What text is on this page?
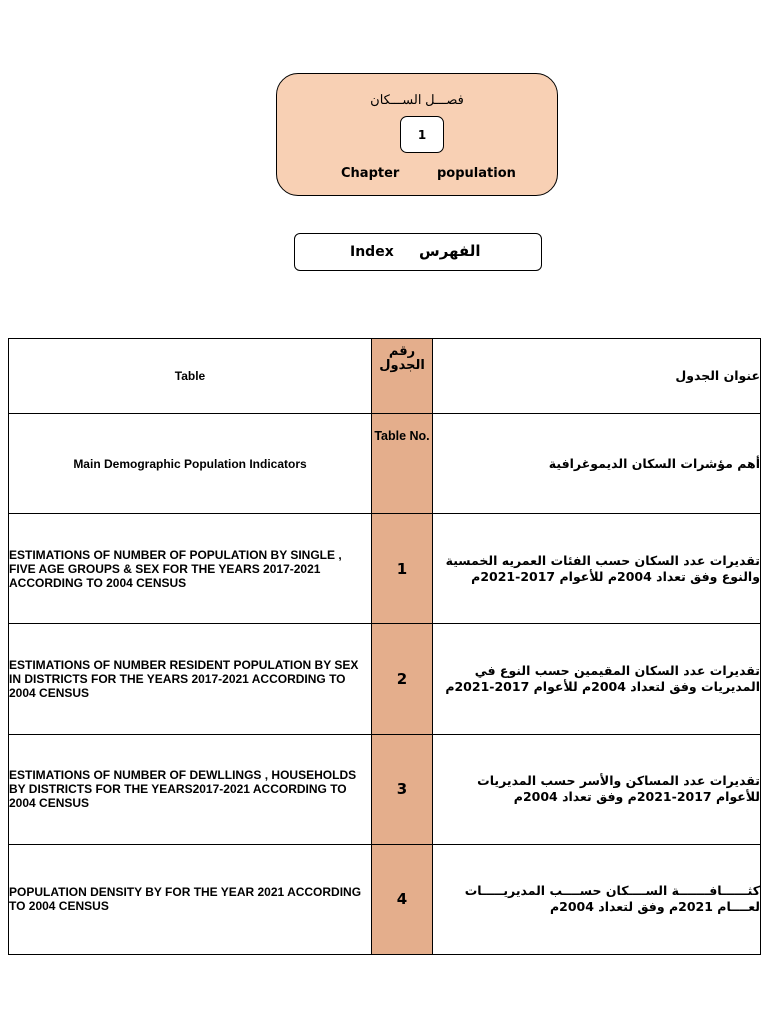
فصـــل الســـكان
1
Chapter	population
Index الفهرس
Table	رقم الجدول	عنوان الجدول
Main Demographic Population Indicators	Table No.	أهم مؤشرات السكان الديموغرافية
ESTIMATIONS OF NUMBER OF POPULATION BY SINGLE , FIVE AGE GROUPS & SEX FOR THE YEARS 2017-2021 ACCORDING TO 2004 CENSUS	1	تقديرات عدد السكان حسب الفئات العمريه الخمسية والنوع وفق تعداد 2004م للأعوام 2017-2021م
ESTIMATIONS OF NUMBER RESIDENT POPULATION BY SEX IN DISTRICTS FOR THE YEARS 2017-2021 ACCORDING TO 2004 CENSUS	2	تقديرات عدد السكان المقيمين حسب النوع في المديريات وفق لتعداد 2004م للأعوام 2017-2021م
ESTIMATIONS OF NUMBER OF DEWLLINGS , HOUSEHOLDS BY DISTRICTS FOR THE YEARS2017-2021 ACCORDING TO 2004 CENSUS	3	تقديرات عدد المساكن والأسر حسب المديريات للأعوام 2017-2021م وفق تعداد 2004م
POPULATION DENSITY BY FOR THE YEAR 2021 ACCORDING TO 2004 CENSUS	4	كثــــــافـــــــة الســــكان حســــب المديريـــــات لعــــام 2021م وفق لتعداد 2004م
